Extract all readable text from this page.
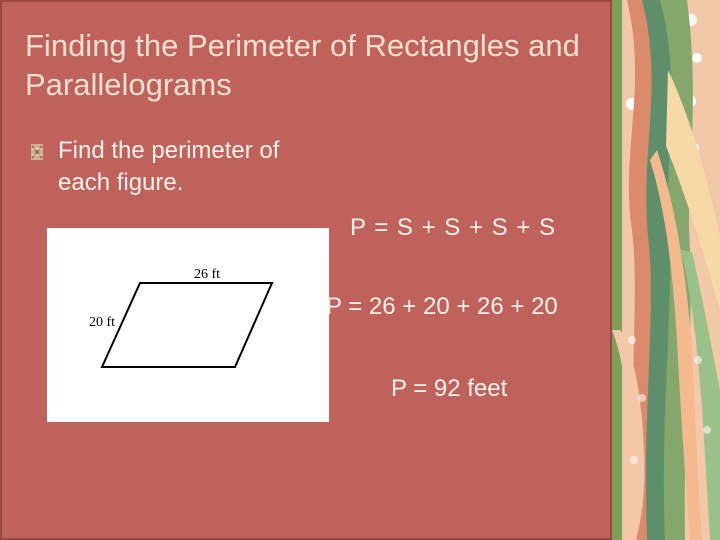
Finding the Perimeter of Rectangles and Parallelograms
Find the perimeter of each figure.
26 ft
20 ft
P = S + S + S + S
P = 26 + 20 + 26 + 20
P = 92 feet
